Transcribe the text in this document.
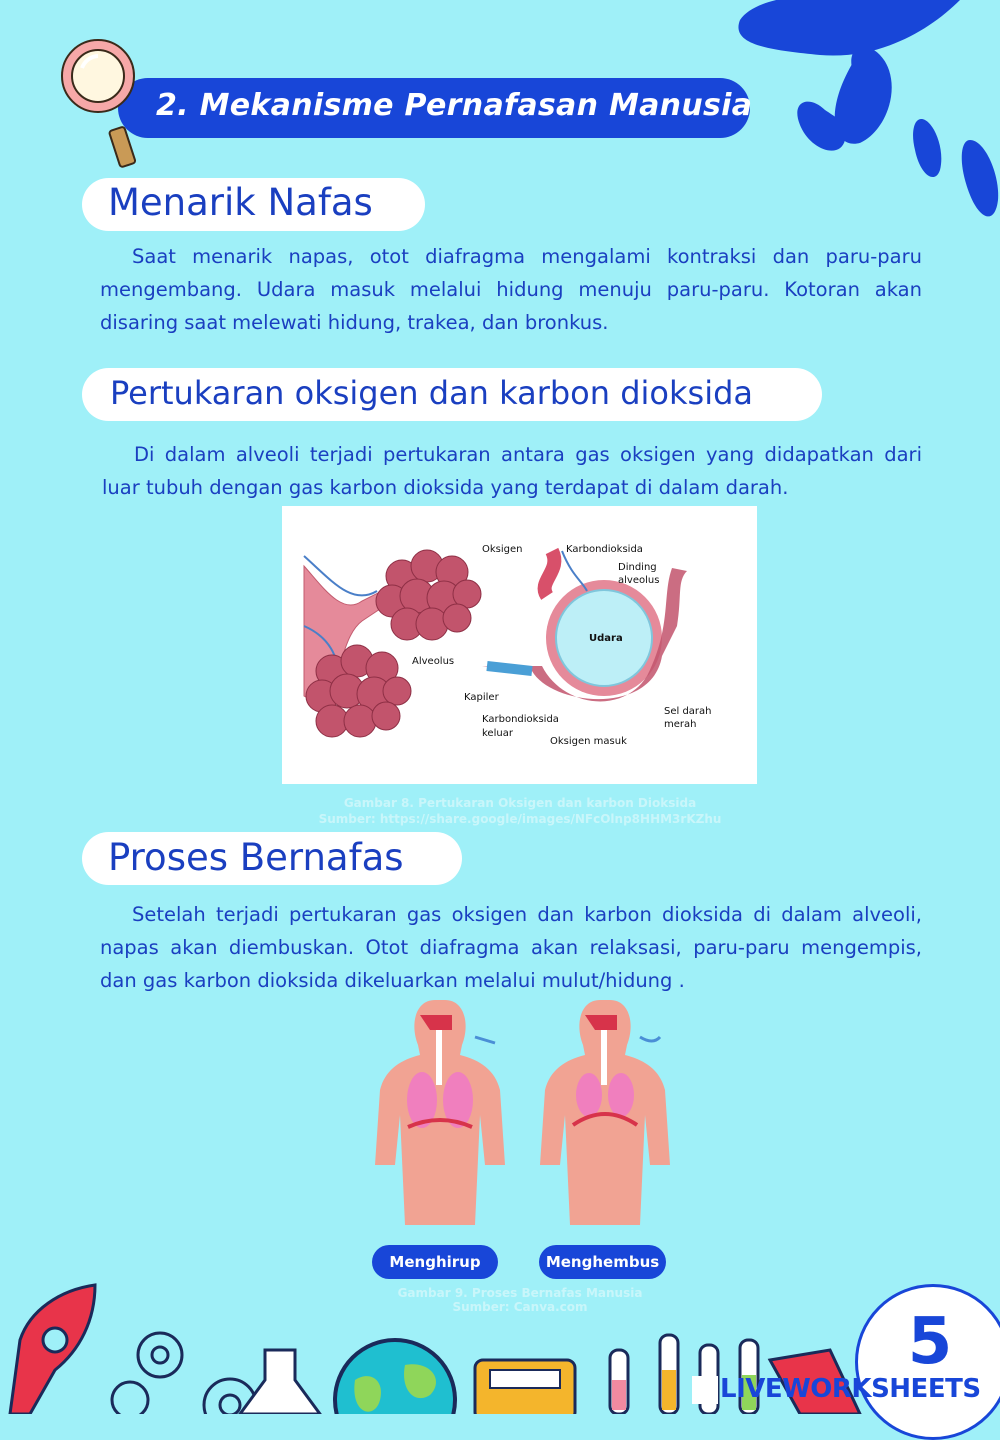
2. Mekanisme Pernafasan Manusia
Menarik Nafas
Saat menarik napas, otot diafragma mengalami kontraksi dan paru-paru mengembang. Udara masuk melalui hidung menuju paru-paru. Kotoran akan disaring saat melewati hidung, trakea, dan bronkus.
Pertukaran oksigen dan karbon dioksida
Di dalam alveoli terjadi pertukaran antara gas oksigen yang didapatkan dari luar tubuh dengan gas karbon dioksida yang terdapat di dalam darah.
Oksigen	Karbondioksida
Dinding
alveolus
Udara
Alveolus
Kapiler
Sel darah
merah
Karbondioksida
keluar
Oksigen masuk
Gambar 8. Pertukaran Oksigen dan karbon Dioksida
Sumber: https://share.google/images/NFcOlnp8HHM3rKZhu
Proses Bernafas
Setelah terjadi pertukaran gas oksigen dan karbon dioksida di dalam alveoli, napas akan diembuskan. Otot diafragma akan relaksasi, paru-paru mengempis, dan gas karbon dioksida dikeluarkan melalui mulut/hidung .
Menghirup	Menghembus
Gambar 9. Proses Bernafas Manusia
Sumber: Canva.com	5
LIVEWORKSHEETS
